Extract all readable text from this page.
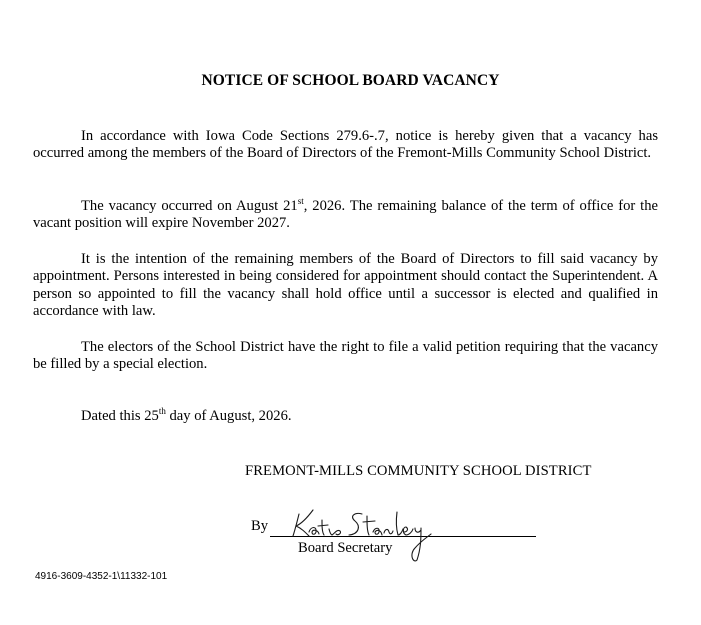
NOTICE OF SCHOOL BOARD VACANCY

In accordance with Iowa Code Sections 279.6-.7, notice is hereby given that a vacancy has occurred among the members of the Board of Directors of the Fremont-Mills Community School District.

The vacancy occurred on August 21st, 2026. The remaining balance of the term of office for the vacant position will expire November 2027.

It is the intention of the remaining members of the Board of Directors to fill said vacancy by appointment. Persons interested in being considered for appointment should contact the Superintendent. A person so appointed to fill the vacancy shall hold office until a successor is elected and qualified in accordance with law.

The electors of the School District have the right to file a valid petition requiring that the vacancy be filled by a special election.

Dated this 25th day of August, 2026.

FREMONT-MILLS COMMUNITY SCHOOL DISTRICT

By

Board Secretary

4916-3609-4352-1\11332-101
